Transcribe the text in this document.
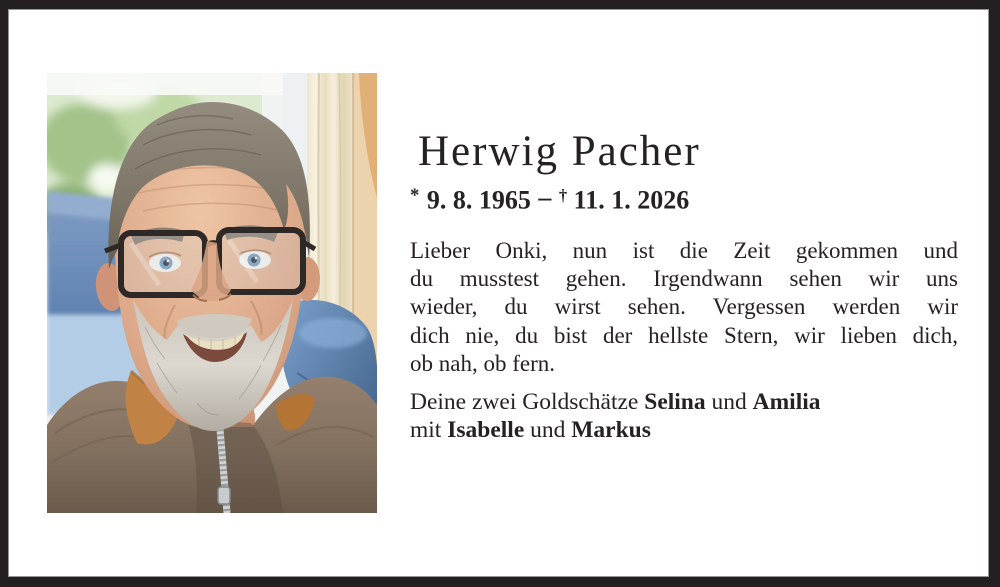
Herwig Pacher
* 9. 8. 1965 – † 11. 1. 2026
Lieber Onki, nun ist die Zeit gekommen und
du musstest gehen. Irgendwann sehen wir uns
wieder, du wirst sehen. Vergessen werden wir
dich nie, du bist der hellste Stern, wir lieben dich,
ob nah, ob fern.
Deine zwei Goldschätze Selina und Amilia
mit Isabelle und Markus
